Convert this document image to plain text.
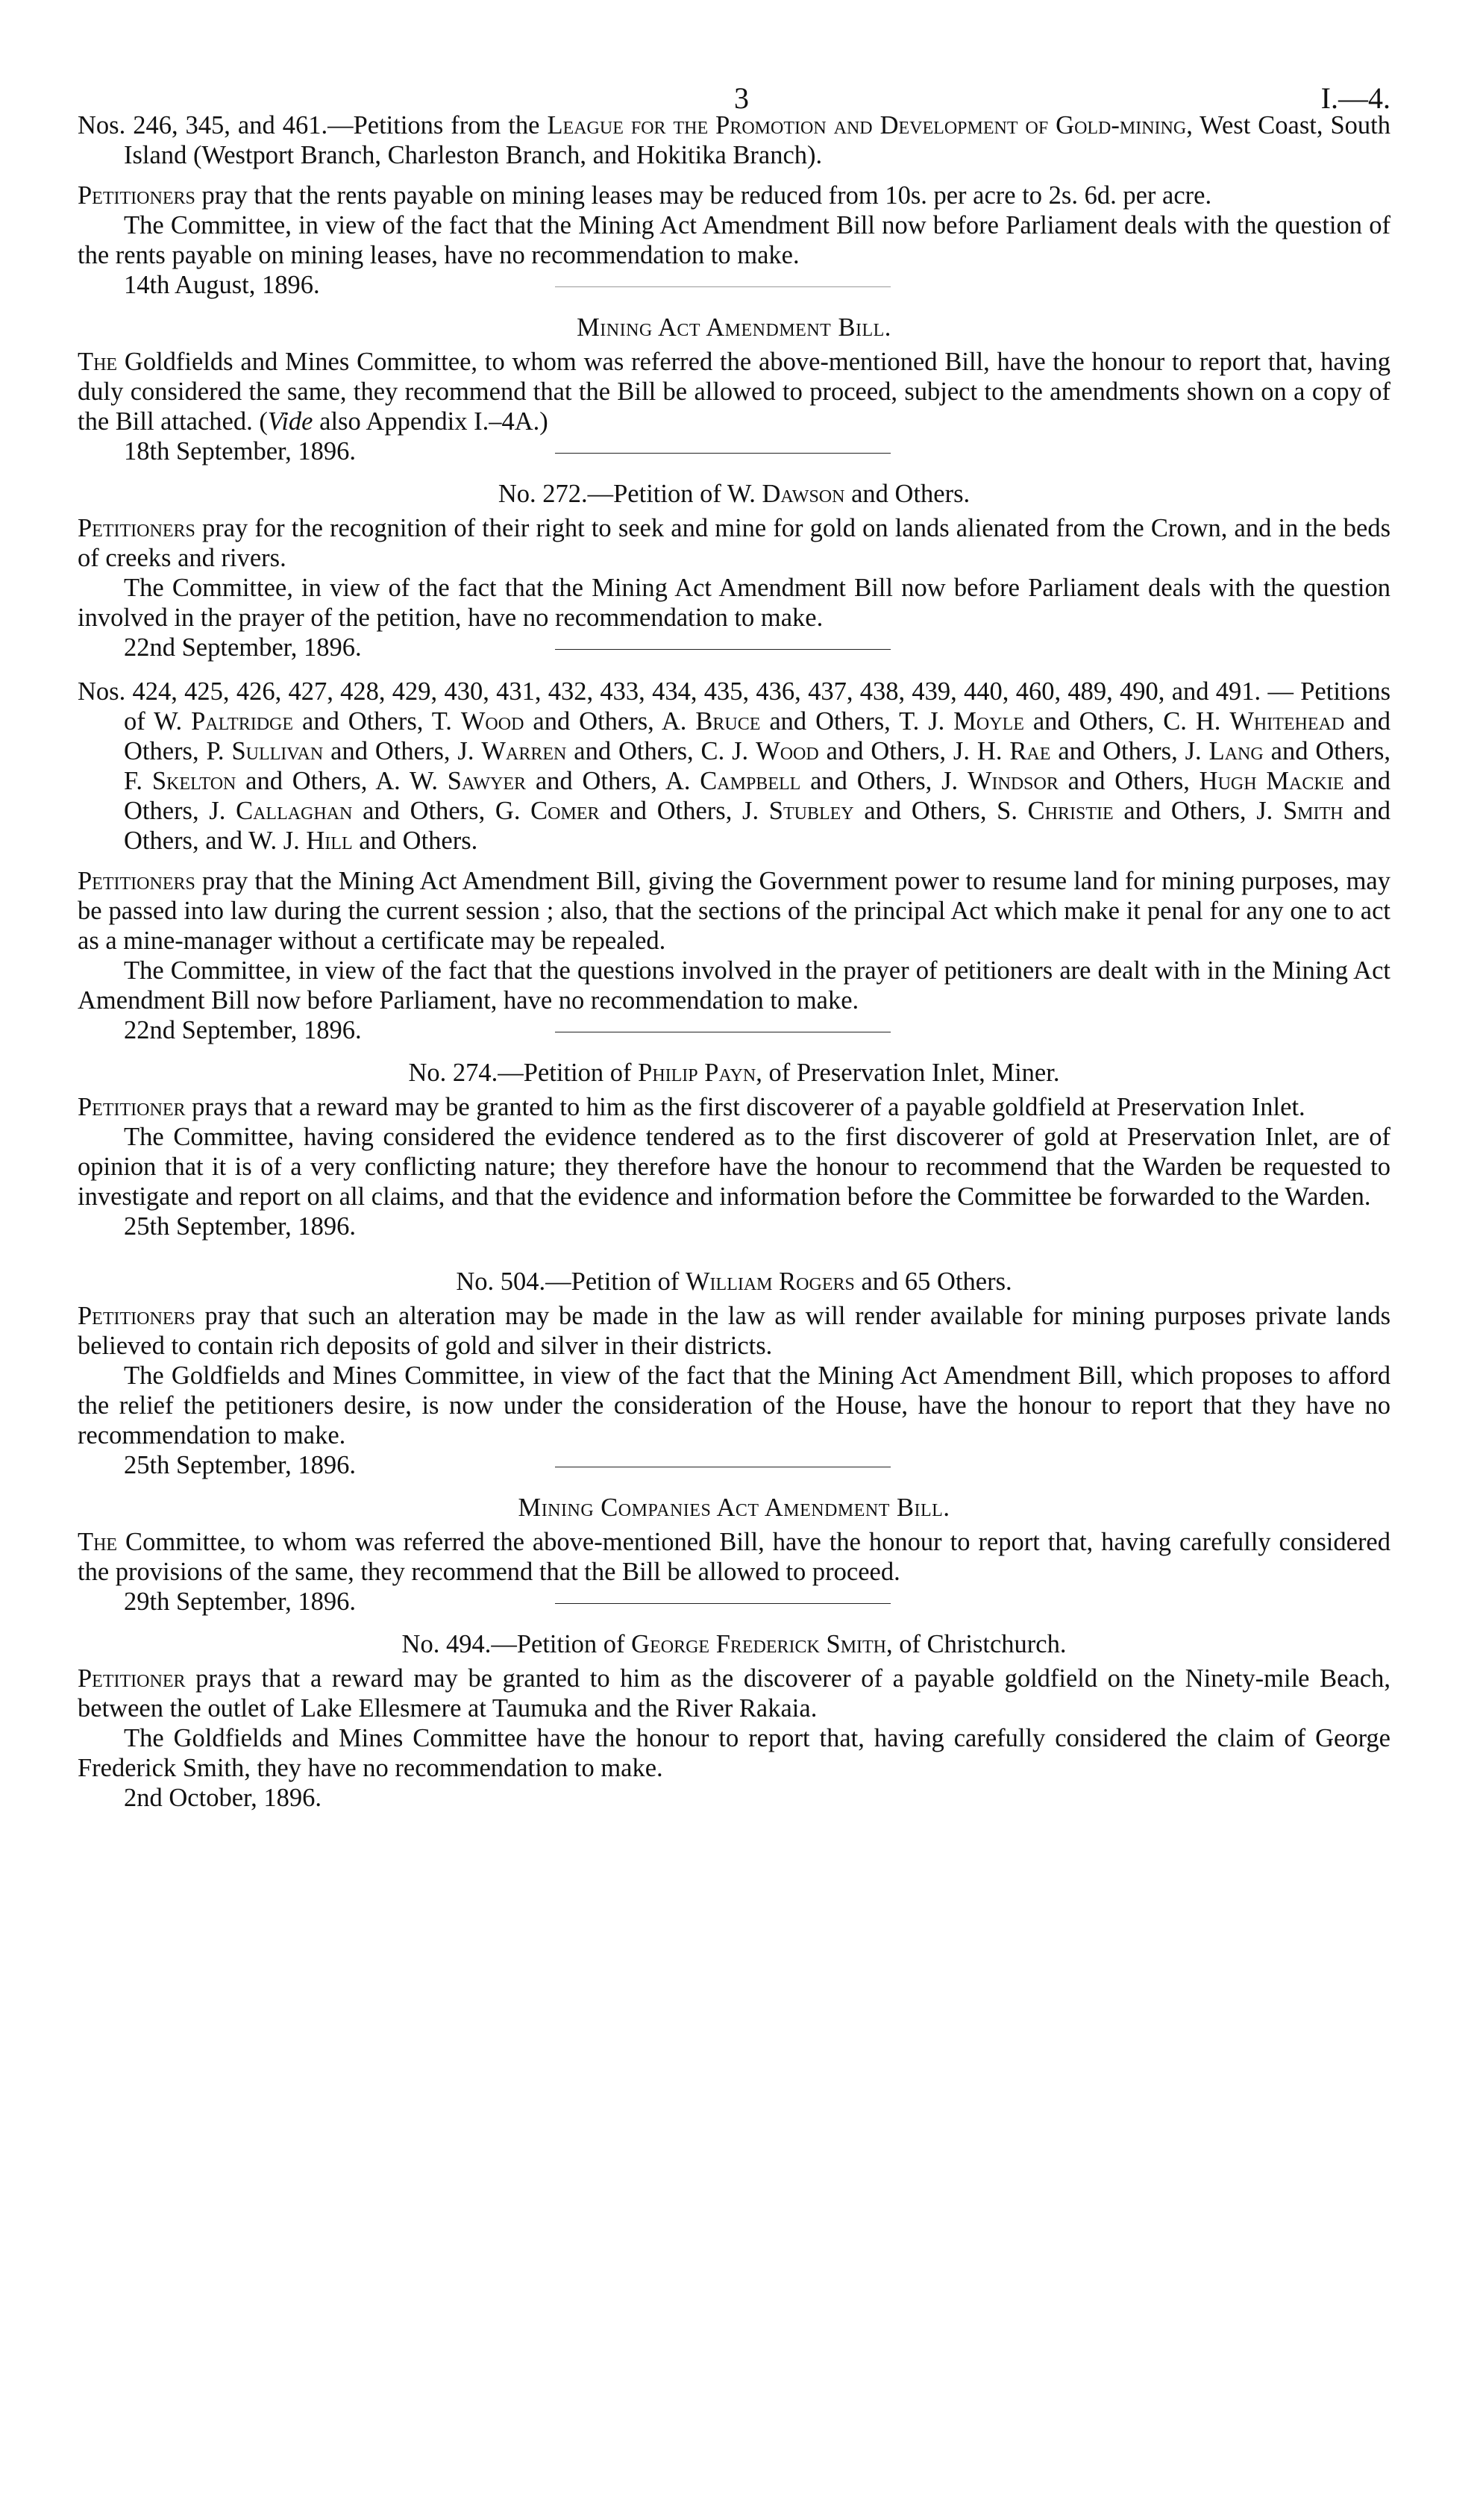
3	I.—4.

Nos. 246, 345, and 461.—Petitions from the League for the Promotion and Development of Gold-mining, West Coast, South Island (Westport Branch, Charleston Branch, and Hokitika Branch).

Petitioners pray that the rents payable on mining leases may be reduced from 10s. per acre to 2s. 6d. per acre.

The Committee, in view of the fact that the Mining Act Amendment Bill now before Parliament deals with the question of the rents payable on mining leases, have no recommendation to make.

14th August, 1896.

Mining Act Amendment Bill.

The Goldfields and Mines Committee, to whom was referred the above-mentioned Bill, have the honour to report that, having duly considered the same, they recommend that the Bill be allowed to proceed, subject to the amendments shown on a copy of the Bill attached. (Vide also Appendix I.–4A.)

18th September, 1896.

No. 272.—Petition of W. Dawson and Others.

Petitioners pray for the recognition of their right to seek and mine for gold on lands alienated from the Crown, and in the beds of creeks and rivers.

The Committee, in view of the fact that the Mining Act Amendment Bill now before Parliament deals with the question involved in the prayer of the petition, have no recommendation to make.

22nd September, 1896.

Nos. 424, 425, 426, 427, 428, 429, 430, 431, 432, 433, 434, 435, 436, 437, 438, 439, 440, 460, 489, 490, and 491. — Petitions of W. Paltridge and Others, T. Wood and Others, A. Bruce and Others, T. J. Moyle and Others, C. H. Whitehead and Others, P. Sullivan and Others, J. Warren and Others, C. J. Wood and Others, J. H. Rae and Others, J. Lang and Others, F. Skelton and Others, A. W. Sawyer and Others, A. Campbell and Others, J. Windsor and Others, Hugh Mackie and Others, J. Callaghan and Others, G. Comer and Others, J. Stubley and Others, S. Christie and Others, J. Smith and Others, and W. J. Hill and Others.

Petitioners pray that the Mining Act Amendment Bill, giving the Government power to resume land for mining purposes, may be passed into law during the current session ; also, that the sections of the principal Act which make it penal for any one to act as a mine-manager without a certificate may be repealed.

The Committee, in view of the fact that the questions involved in the prayer of petitioners are dealt with in the Mining Act Amendment Bill now before Parliament, have no recommendation to make.

22nd September, 1896.

No. 274.—Petition of Philip Payn, of Preservation Inlet, Miner.

Petitioner prays that a reward may be granted to him as the first discoverer of a payable goldfield at Preservation Inlet.

The Committee, having considered the evidence tendered as to the first discoverer of gold at Preservation Inlet, are of opinion that it is of a very conflicting nature; they therefore have the honour to recommend that the Warden be requested to investigate and report on all claims, and that the evidence and information before the Committee be forwarded to the Warden.

25th September, 1896.

No. 504.—Petition of William Rogers and 65 Others.

Petitioners pray that such an alteration may be made in the law as will render available for mining purposes private lands believed to contain rich deposits of gold and silver in their districts.

The Goldfields and Mines Committee, in view of the fact that the Mining Act Amendment Bill, which proposes to afford the relief the petitioners desire, is now under the consideration of the House, have the honour to report that they have no recommendation to make.

25th September, 1896.

Mining Companies Act Amendment Bill.

The Committee, to whom was referred the above-mentioned Bill, have the honour to report that, having carefully considered the provisions of the same, they recommend that the Bill be allowed to proceed.

29th September, 1896.

No. 494.—Petition of George Frederick Smith, of Christchurch.

Petitioner prays that a reward may be granted to him as the discoverer of a payable goldfield on the Ninety-mile Beach, between the outlet of Lake Ellesmere at Taumuka and the River Rakaia.

The Goldfields and Mines Committee have the honour to report that, having carefully considered the claim of George Frederick Smith, they have no recommendation to make.

2nd October, 1896.
